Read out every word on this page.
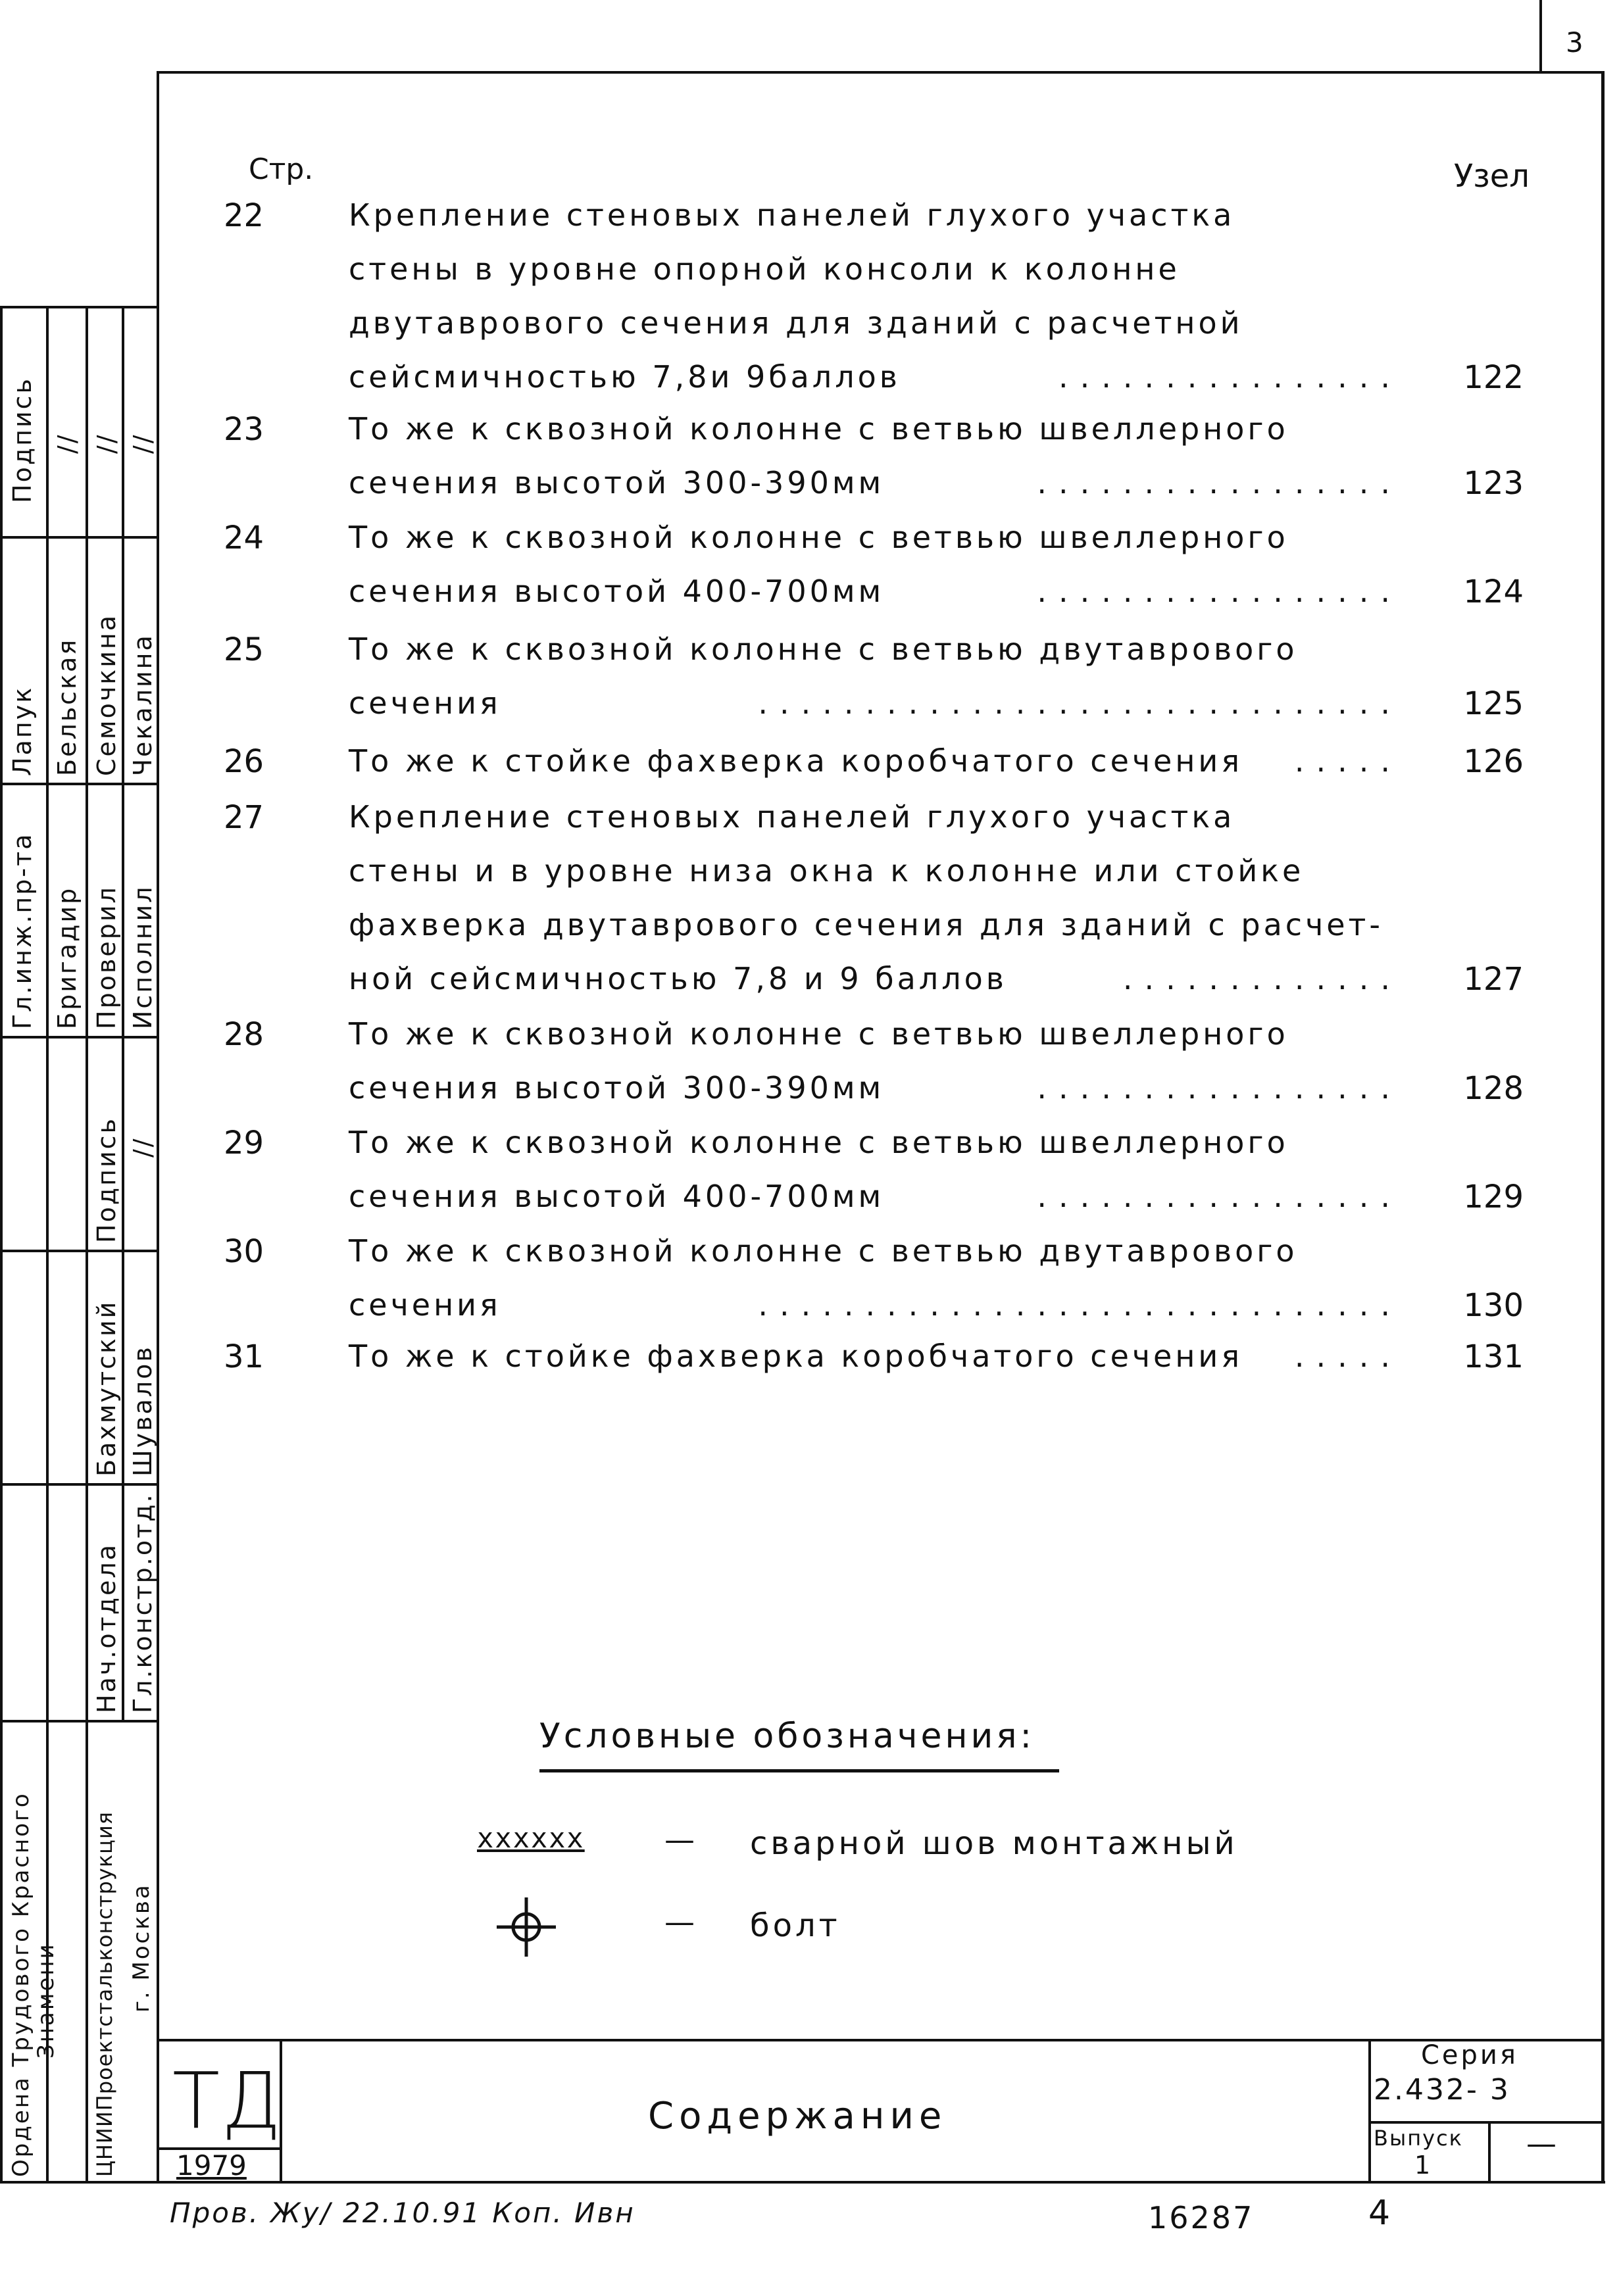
3
Стр.	Узел
22	Крепление стеновых панелей глухого участка
стены в уровне опорной консоли к колонне
двутаврового сечения для зданий с расчетной
сейсмичностью 7,8и 9баллов	................ 122
23	То же к сквозной колонне с ветвью швеллерного
сечения высотой 300-390мм	................. 123
24	То же к сквозной колонне с ветвью швеллерного
сечения высотой 400-700мм	................. 124
25	То же к сквозной колонне с ветвью двутаврового
сечения	.............................. 125
26	То же к стойке фахверка коробчатого сечения	..... 126
27	Крепление стеновых панелей глухого участка
стены и в уровне низа окна к колонне или стойке
фахверка двутаврового сечения для зданий с расчет-
ной сейсмичностью 7,8 и 9 баллов	............. 127
28	То же к сквозной колонне с ветвью швеллерного
сечения высотой 300-390мм	................. 128
29	То же к сквозной колонне с ветвью швеллерного
сечения высотой 400-700мм	................. 129
30	То же к сквозной колонне с ветвью двутаврового
сечения	.............................. 130
31	То же к стойке фахверка коробчатого сечения	..... 131
Условные обозначения:
xxxxxx	— сварной шов монтажный
— болт
Подпись // // //
Лапук Бельская Семочкина Чекалина
Гл.инж.пр-та Бригадир Проверил Исполнил
Подпись //
Бахмутский Шувалов
Нач.отдела Гл.констр.отд.
Ордена Трудового Красного
Знамени ЦНИИПроектстальконструкция г. Москва
ТД
1979
Содержание
Серия
2.432- 3
Выпуск
1
—
Пров. Жу/ 22.10.91 Коп. Ивн	16287	4
